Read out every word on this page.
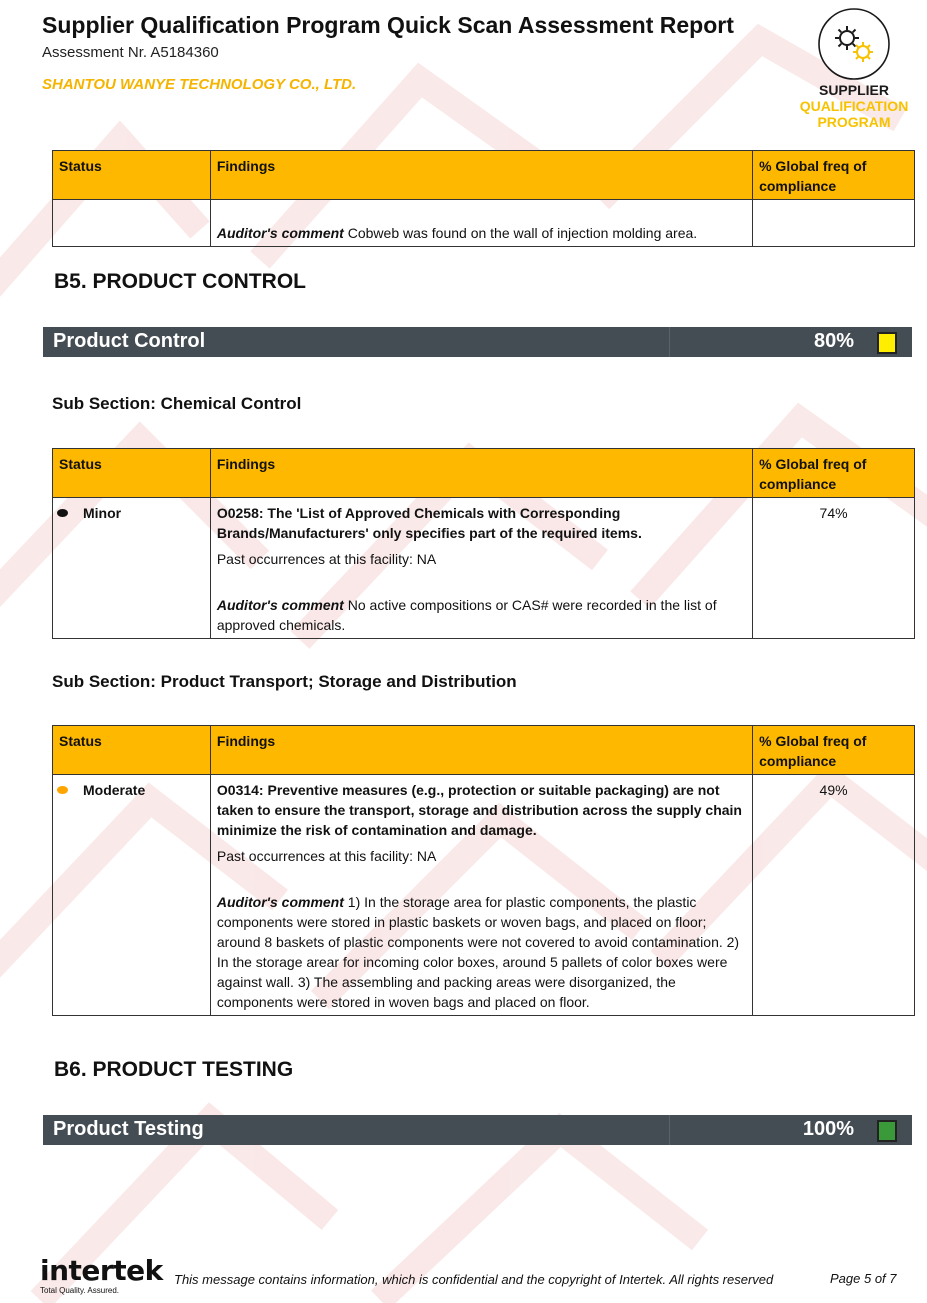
Supplier Qualification Program Quick Scan Assessment Report
Assessment Nr. A5184360
SHANTOU WANYE TECHNOLOGY CO., LTD.	SUPPLIER
QUALIFICATION
PROGRAM
Status	Findings	% Global freq of compliance
	Auditor's comment Cobweb was found on the wall of injection molding area.	
B5. PRODUCT CONTROL
Product Control	80%
Sub Section: Chemical Control
Status	Findings	% Global freq of compliance

Minor	O0258: The 'List of Approved Chemicals with Corresponding Brands/Manufacturers' only specifies part of the required items.
Past occurrences at this facility: NA
Auditor's comment No active compositions or CAS# were recorded in the list of approved chemicals.	74%
Sub Section: Product Transport; Storage and Distribution
Status	Findings	% Global freq of compliance

Moderate	O0314: Preventive measures (e.g., protection or suitable packaging) are not taken to ensure the transport, storage and distribution across the supply chain minimize the risk of contamination and damage.
Past occurrences at this facility: NA
Auditor's comment 1) In the storage area for plastic components, the plastic components were stored in plastic baskets or woven bags, and placed on floor; around 8 baskets of plastic components were not covered to avoid contamination. 2) In the storage arear for incoming color boxes, around 5 pallets of color boxes were against wall. 3) The assembling and packing areas were disorganized, the components were stored in woven bags and placed on floor.	49%
B6. PRODUCT TESTING
Product Testing	100%
intertek
Total Quality. Assured.
This message contains information, which is confidential and the copyright of Intertek. All rights reserved	Page 5 of 7
